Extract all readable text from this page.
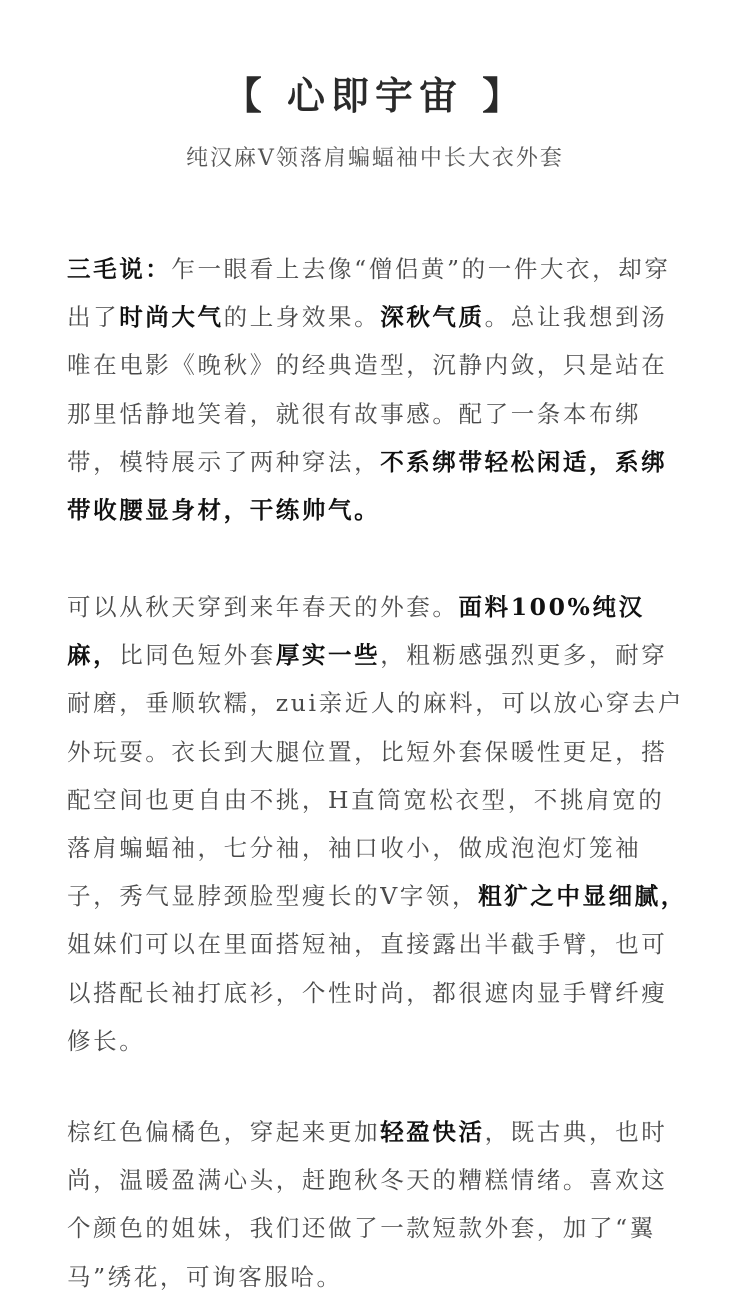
【 心即宇宙 】
纯汉麻V领落肩蝙蝠袖中长大衣外套

三毛说：乍一眼看上去像“僧侣黄”的一件大衣，却穿出了时尚大气的上身效果。深秋气质。总让我想到汤唯在电影《晚秋》的经典造型，沉静内敛，只是站在那里恬静地笑着，就很有故事感。配了一条本布绑带，模特展示了两种穿法，不系绑带轻松闲适，系绑带收腰显身材，干练帅气。

可以从秋天穿到来年春天的外套。面料100%纯汉麻，比同色短外套厚实一些，粗粝感强烈更多，耐穿耐磨，垂顺软糯，zui亲近人的麻料，可以放心穿去户外玩耍。衣长到大腿位置，比短外套保暖性更足，搭配空间也更自由不挑，H直筒宽松衣型，不挑肩宽的落肩蝙蝠袖，七分袖，袖口收小，做成泡泡灯笼袖子，秀气显脖颈脸型瘦长的V字领，粗犷之中显细腻，姐妹们可以在里面搭短袖，直接露出半截手臂，也可以搭配长袖打底衫，个性时尚，都很遮肉显手臂纤瘦修长。

棕红色偏橘色，穿起来更加轻盈快活，既古典，也时尚，温暖盈满心头，赶跑秋冬天的糟糕情绪。喜欢这个颜色的姐妹，我们还做了一款短款外套，加了“翼马”绣花，可询客服哈。
